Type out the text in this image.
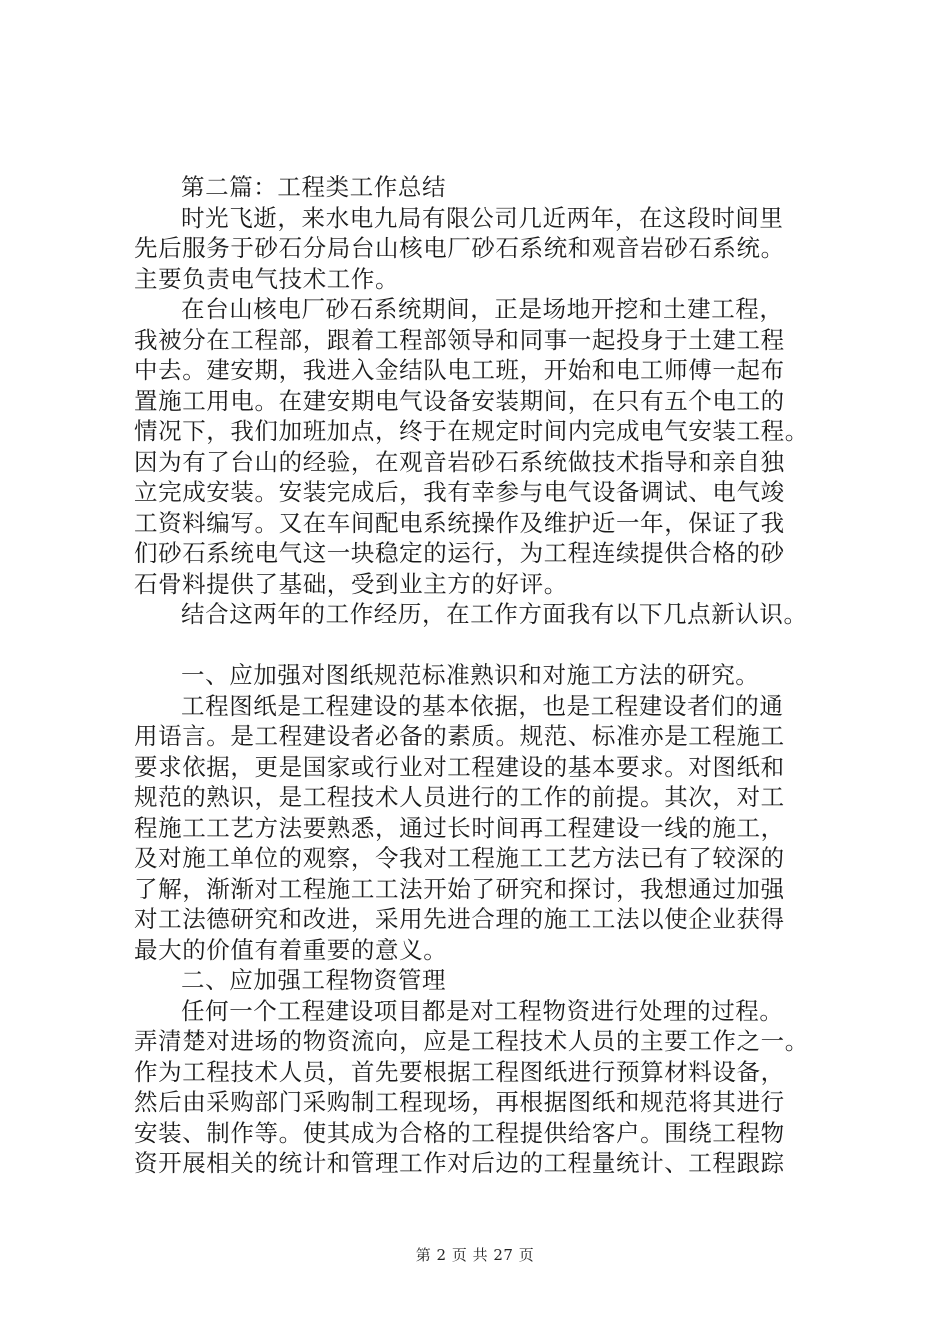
第二篇：工程类工作总结
时光飞逝，来水电九局有限公司几近两年，在这段时间里
先后服务于砂石分局台山核电厂砂石系统和观音岩砂石系统。
主要负责电气技术工作。
在台山核电厂砂石系统期间，正是场地开挖和土建工程，
我被分在工程部，跟着工程部领导和同事一起投身于土建工程
中去。建安期，我进入金结队电工班，开始和电工师傅一起布
置施工用电。在建安期电气设备安装期间，在只有五个电工的
情况下，我们加班加点，终于在规定时间内完成电气安装工程。
因为有了台山的经验，在观音岩砂石系统做技术指导和亲自独
立完成安装。安装完成后，我有幸参与电气设备调试、电气竣
工资料编写。又在车间配电系统操作及维护近一年，保证了我
们砂石系统电气这一块稳定的运行，为工程连续提供合格的砂
石骨料提供了基础，受到业主方的好评。
结合这两年的工作经历，在工作方面我有以下几点新认识。
一、应加强对图纸规范标准熟识和对施工方法的研究。
工程图纸是工程建设的基本依据，也是工程建设者们的通
用语言。是工程建设者必备的素质。规范、标准亦是工程施工
要求依据，更是国家或行业对工程建设的基本要求。对图纸和
规范的熟识，是工程技术人员进行的工作的前提。其次，对工
程施工工艺方法要熟悉，通过长时间再工程建设一线的施工，
及对施工单位的观察，令我对工程施工工艺方法已有了较深的
了解，渐渐对工程施工工法开始了研究和探讨，我想通过加强
对工法德研究和改进，采用先进合理的施工工法以使企业获得
最大的价值有着重要的意义。
二、应加强工程物资管理
任何一个工程建设项目都是对工程物资进行处理的过程。
弄清楚对进场的物资流向，应是工程技术人员的主要工作之一。
作为工程技术人员，首先要根据工程图纸进行预算材料设备，
然后由采购部门采购制工程现场，再根据图纸和规范将其进行
安装、制作等。使其成为合格的工程提供给客户。围绕工程物
资开展相关的统计和管理工作对后边的工程量统计、工程跟踪
第 2 页 共 27 页
